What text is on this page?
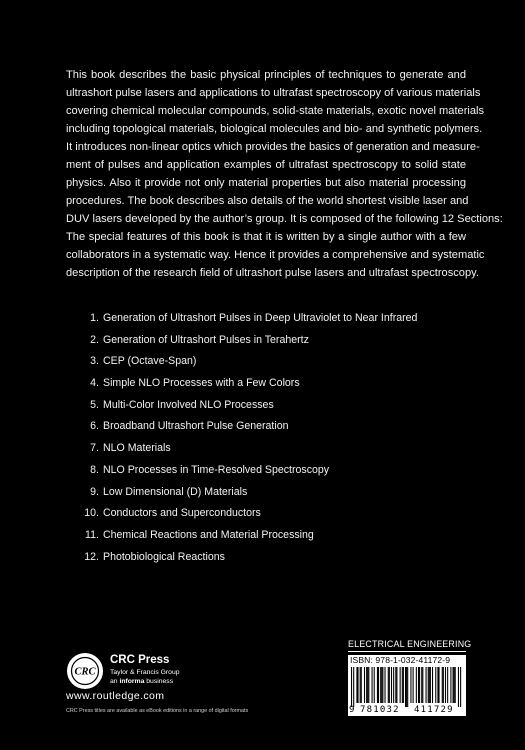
This book describes the basic physical principles of techniques to generate and
ultrashort pulse lasers and applications to ultrafast spectroscopy of various materials
covering chemical molecular compounds, solid-state materials, exotic novel materials
including topological materials, biological molecules and bio- and synthetic polymers.
It introduces non-linear optics which provides the basics of generation and measure-
ment of pulses and application examples of ultrafast spectroscopy to solid state
physics. Also it provide not only material properties but also material processing
procedures. The book describes also details of the world shortest visible laser and
DUV lasers developed by the author’s group. It is composed of the following 12 Sections:
The special features of this book is that it is written by a single author with a few
collaborators in a systematic way. Hence it provides a comprehensive and systematic
description of the research field of ultrashort pulse lasers and ultrafast spectroscopy.
1. Generation of Ultrashort Pulses in Deep Ultraviolet to Near Infrared
2. Generation of Ultrashort Pulses in Terahertz
3. CEP (Octave-Span)
4. Simple NLO Processes with a Few Colors
5. Multi-Color Involved NLO Processes
6. Broadband Ultrashort Pulse Generation
7. NLO Materials
8. NLO Processes in Time-Resolved Spectroscopy
9. Low Dimensional (D) Materials
10. Conductors and Superconductors
11. Chemical Reactions and Material Processing
12. Photobiological Reactions
CRC
CRC Press
Taylor & Francis Group
an informa business
www.routledge.com
CRC Press titles are available as eBook editions in a range of digital formats
ELECTRICAL ENGINEERING
ISBN: 978-1-032-41172-9
9 781032 411729
